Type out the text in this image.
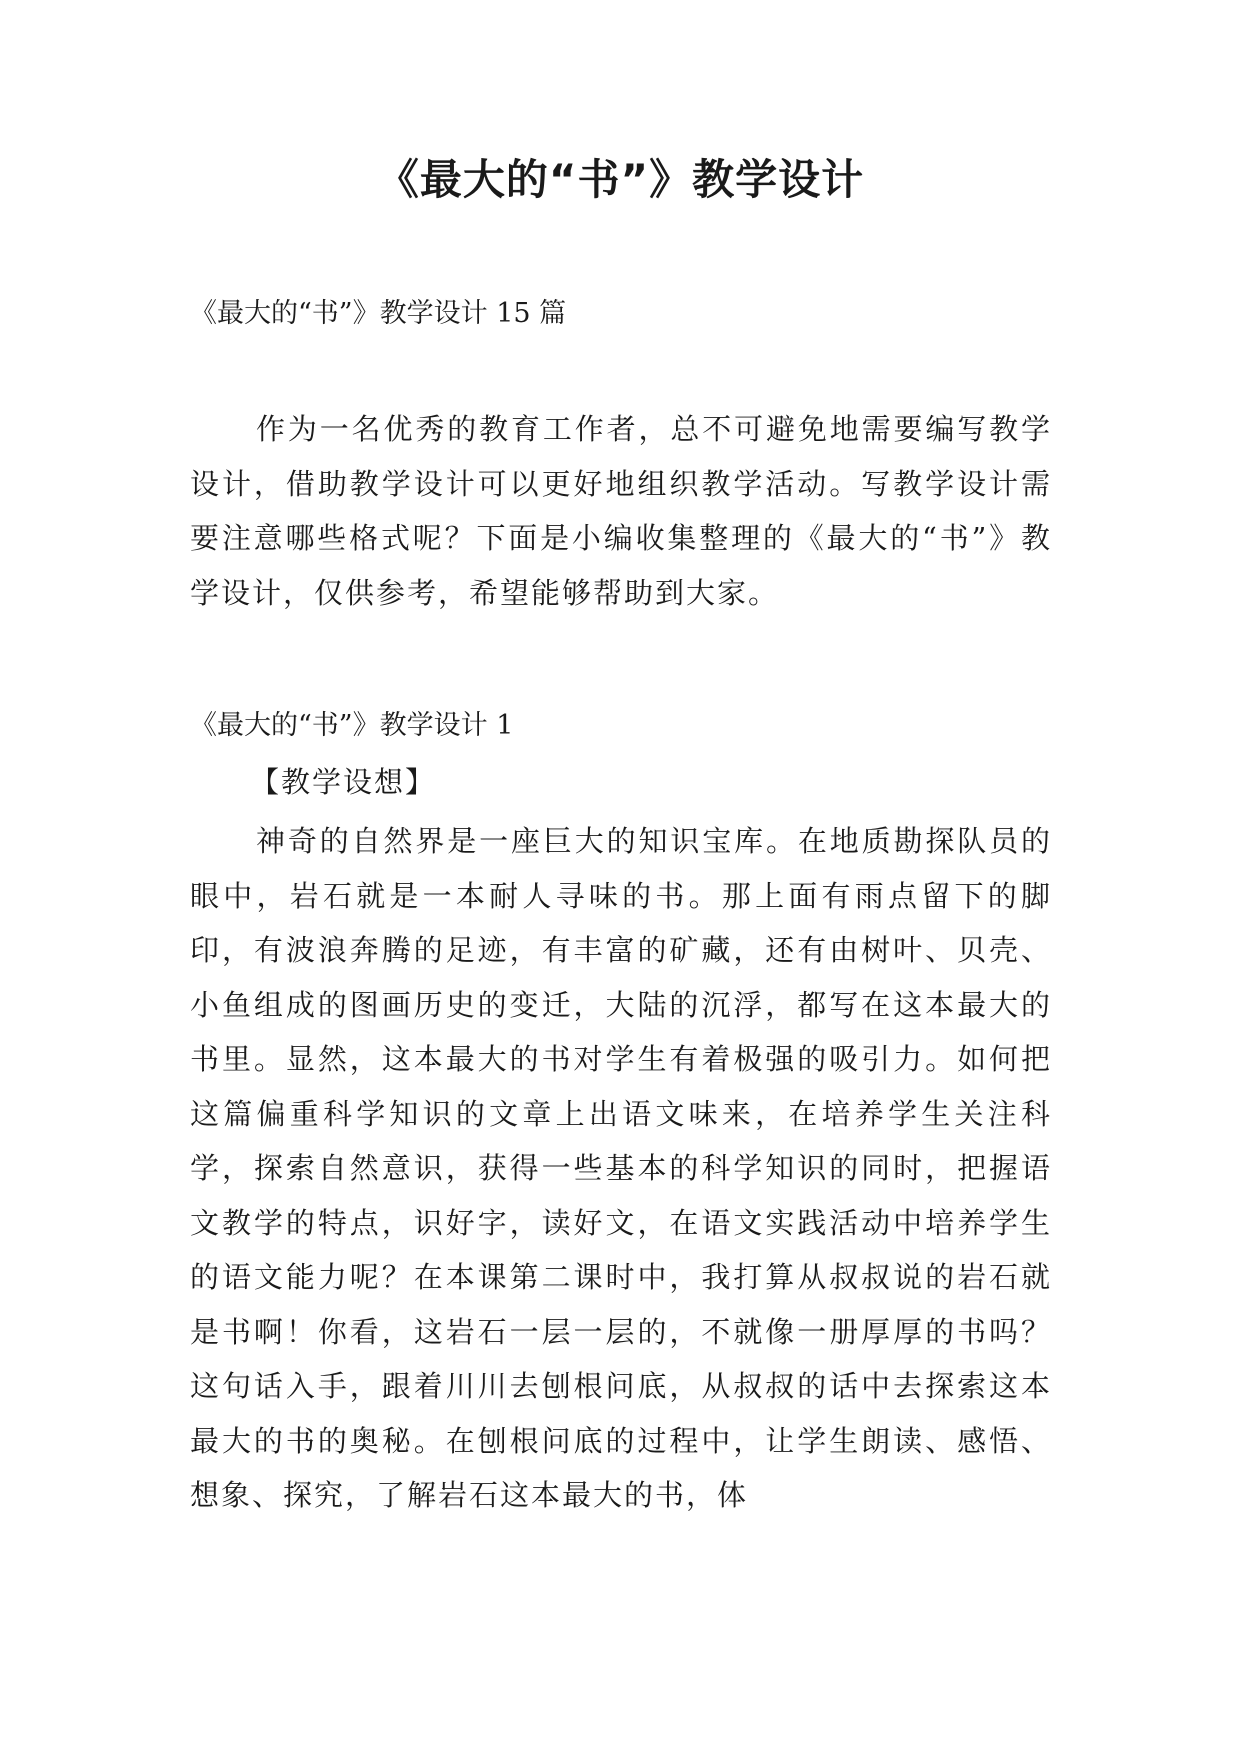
《最大的“书”》教学设计

《最大的“书”》教学设计 15 篇

作为一名优秀的教育工作者，总不可避免地需要编写教学设计，借助教学设计可以更好地组织教学活动。写教学设计需要注意哪些格式呢？下面是小编收集整理的《最大的“书”》教学设计，仅供参考，希望能够帮助到大家。

《最大的“书”》教学设计 1

【教学设想】

神奇的自然界是一座巨大的知识宝库。在地质勘探队员的眼中，岩石就是一本耐人寻味的书。那上面有雨点留下的脚印，有波浪奔腾的足迹，有丰富的矿藏，还有由树叶、贝壳、小鱼组成的图画历史的变迁，大陆的沉浮，都写在这本最大的书里。显然，这本最大的书对学生有着极强的吸引力。如何把这篇偏重科学知识的文章上出语文味来，在培养学生关注科学，探索自然意识，获得一些基本的科学知识的同时，把握语文教学的特点，识好字，读好文，在语文实践活动中培养学生的语文能力呢？在本课第二课时中，我打算从叔叔说的岩石就是书啊！你看，这岩石一层一层的，不就像一册厚厚的书吗？这句话入手，跟着川川去刨根问底，从叔叔的话中去探索这本最大的书的奥秘。在刨根问底的过程中，让学生朗读、感悟、想象、探究，了解岩石这本最大的书，体
